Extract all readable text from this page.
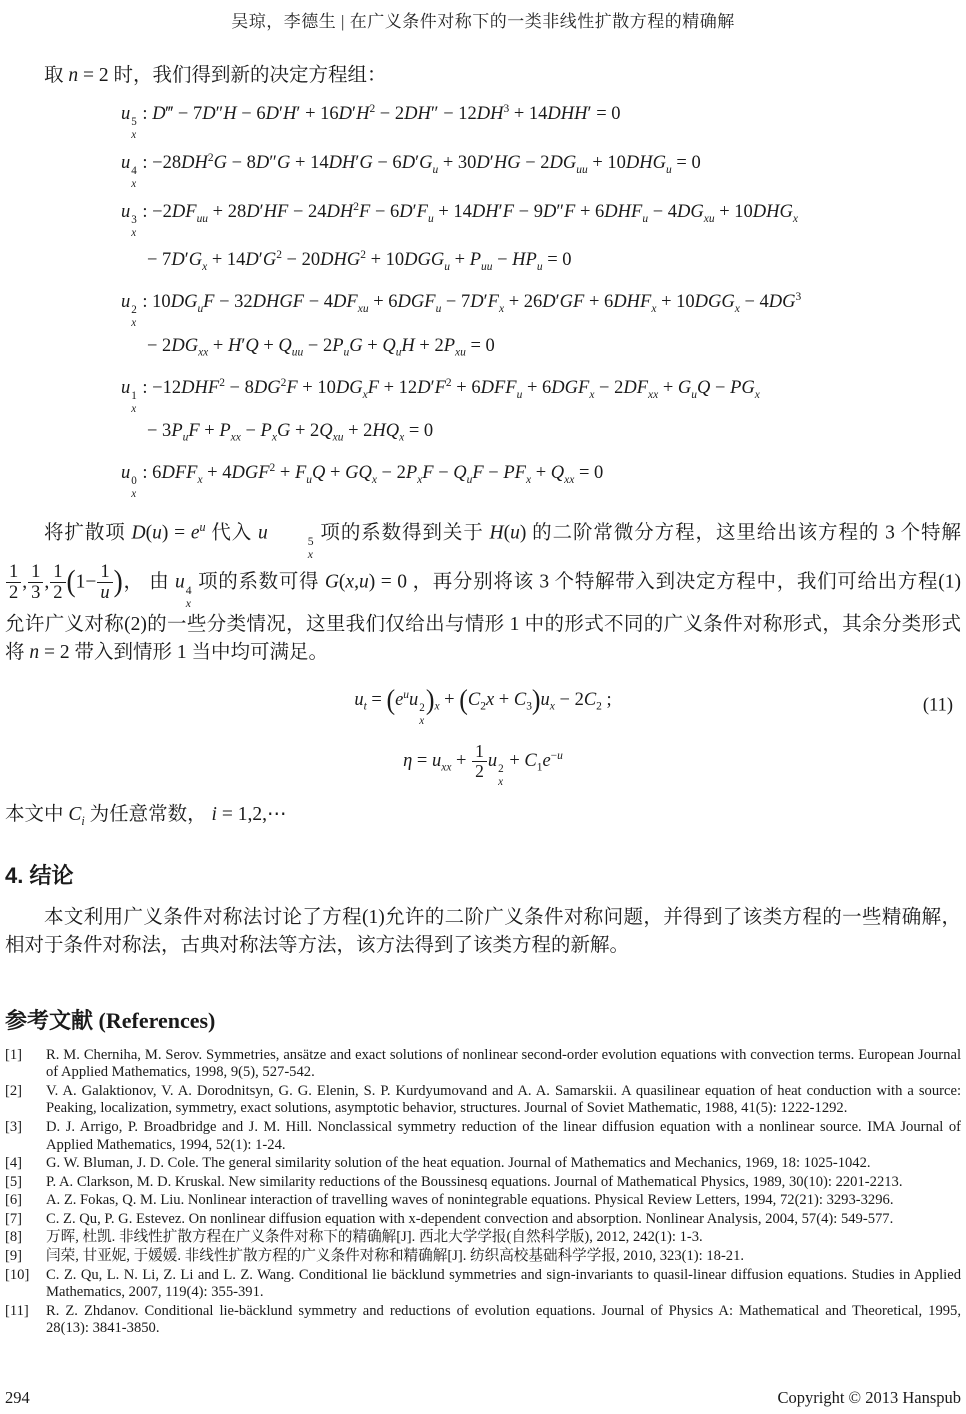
吴琼，李德生 | 在广义条件对称下的一类非线性扩散方程的精确解
取 n = 2 时，我们得到新的决定方程组：
u 5
x
: D‴ − $7D''H - 6D'H' + 16D'H^2 - 2DH'' - 12DH^3 + 14DHH' = 0$
u 4
x
: $-28DH^2G - 8D''G + 14DH'G - 6D'G_u + 30D'HG - 2DG_{uu} + 10DHG_u = 0$
u 3
x
: $-2DF_{uu} + 28D'HF - 24DH^2F - 6D'F_u + 14DH'F - 9D''F + 6DHF_u - 4DG_{xu} + 10DHG_x$
− $7D'G_x + 14D'G^2 - 20DHG^2 + 10DGG_u + P_{uu} - HP_u = 0$
u 2
x
: $10DG_uF$ − 32DHGF − $4DF_{xu} + 6DGF_u - 7D'F_x + 26D'GF + 6DHF_x + 10DGG_x - 4DG^3$
− $2DG_{xx} + H'Q + Q_{uu} - 2P_uG + Q_uH + 2P_{xu} = 0$
u 1
x
: $-12DHF^2 - 8DG^2F + 10DG_xF + 12D'F^2 + 6DFF_u + 6DGF_x - 2DF_{xx} + G_uQ - PG_x$
− $3P_uF + P_{xx} - P_xG + 2Q_{xu} + 2HQ_x = 0$
u 0
x
: $6DFF_x + 4DGF^2 + F_uQ + GQ_x - 2P_xF - Q_uF - PF_x + Q_{xx} = 0$
将扩散项 $D(u) = e^u$ 代入 u	5
x
项的系数得到关于 H(u) 的二阶常微分方程，这里给出该方程的 3 个特解
$\frac{1}{2}$ , $\frac{1}{3}$ , $\frac{1}{2} (1- \frac{1}{u}$ )， 由 u 4
x
项的系数可得 G(x,u) = 0 ，再分别将该 3 个特解带入到决定方程中，我们可给出方程(1)
允许广义对称(2)的一些分类情况，这里我们仅给出与情形 1 中的形式不同的广义条件对称形式，其余分类形式
将 n = 2 带入到情形 1 当中均可满足。
$u_t = (e^uu$ 2
x
)$_x + (C_2x + C_3)u_x - 2C_2$ ;	(11)
$\eta = u_{xx} + \frac{1}{2}$ u 2
x
+ $C_1e^{-u}$
本文中 $C_i$ 为任意常数， i = 1,2,⋯
4. 结论
本文利用广义条件对称法讨论了方程(1)允许的二阶广义条件对称问题，并得到了该类方程的一些精确解，
相对于条件对称法，古典对称法等方法，该方法得到了该类方程的新解。
参考文献 (References)
[1]	R. M. Cherniha, M. Serov. Symmetries, ansätze and exact solutions of nonlinear second-order evolution equations with convection terms. European Journal of Applied Mathematics, 1998, 9(5), 527-542.
[2]	V. A. Galaktionov, V. A. Dorodnitsyn, G. G. Elenin, S. P. Kurdyumovand and A. A. Samarskii. A quasilinear equation of heat conduction with a source: Peaking, localization, symmetry, exact solutions, asymptotic behavior, structures. Journal of Soviet Mathematic, 1988, 41(5): 1222-1292.
[3]	D. J. Arrigo, P. Broadbridge and J. M. Hill. Nonclassical symmetry reduction of the linear diffusion equation with a nonlinear source. IMA Journal of Applied Mathematics, 1994, 52(1): 1-24.
[4]	G. W. Bluman, J. D. Cole. The general similarity solution of the heat equation. Journal of Mathematics and Mechanics, 1969, 18: 1025-1042.
[5]	P. A. Clarkson, M. D. Kruskal. New similarity reductions of the Boussinesq equations. Journal of Mathematical Physics, 1989, 30(10): 2201-2213.
[6]	A. Z. Fokas, Q. M. Liu. Nonlinear interaction of travelling waves of nonintegrable equations. Physical Review Letters, 1994, 72(21): 3293-3296.
[7]	C. Z. Qu, P. G. Estevez. On nonlinear diffusion equation with x-dependent convection and absorption. Nonlinear Analysis, 2004, 57(4): 549-577.
[8]	万晖, 杜凯. 非线性扩散方程在广义条件对称下的精确解[J]. 西北大学学报(自然科学版), 2012, 242(1): 1-3.
[9]	闫荣, 甘亚妮, 于媛媛. 非线性扩散方程的广义条件对称和精确解[J]. 纺织高校基础科学学报, 2010, 323(1): 18-21.
[10]	C. Z. Qu, L. N. Li, Z. Li and L. Z. Wang. Conditional lie bäcklund symmetries and sign-invariants to quasil-linear diffusion equations. Studies in Applied Mathematics, 2007, 119(4): 355-391.
[11]	R. Z. Zhdanov. Conditional lie-bäcklund symmetry and reductions of evolution equations. Journal of Physics A: Mathematical and Theoretical, 1995, 28(13): 3841-3850.
294	Copyright © 2013 Hanspub
